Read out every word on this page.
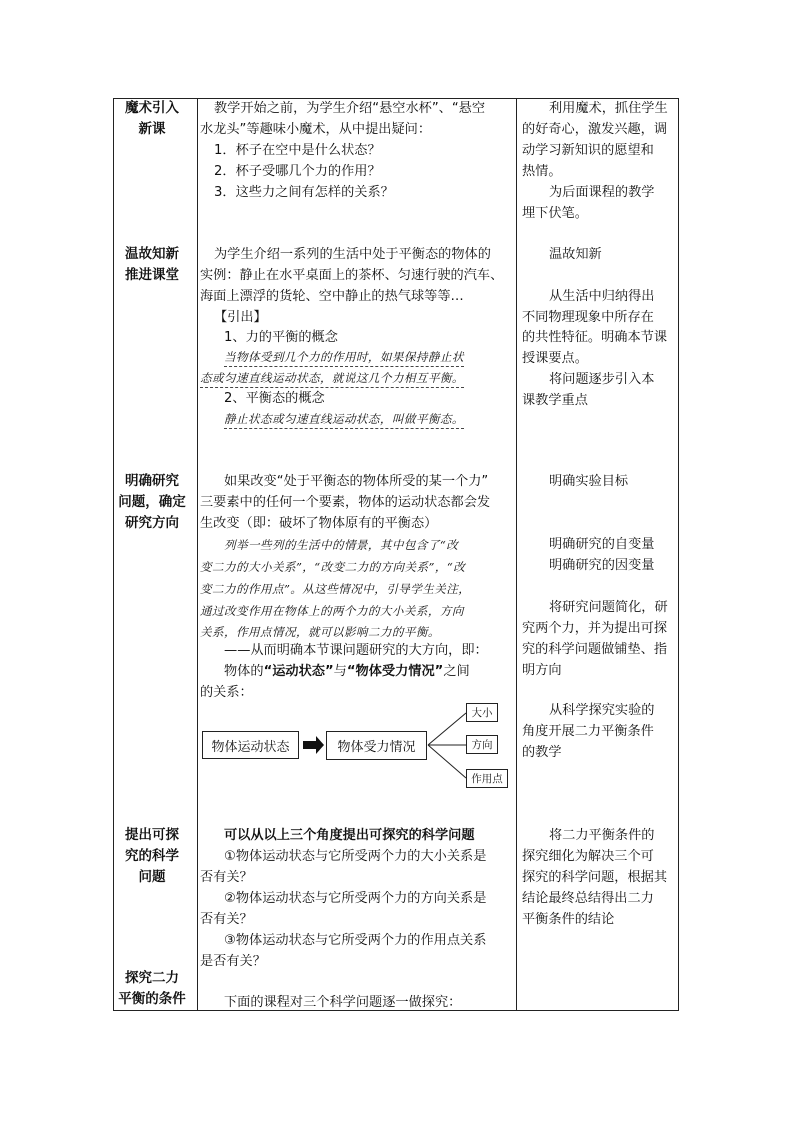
魔术引入
新课
温故知新
推进课堂
明确研究
问题，确定
研究方向
提出可探
究的科学
问题
探究二力
平衡的条件
教学开始之前，为学生介绍“悬空水杯”、“悬空
水龙头”等趣味小魔术，从中提出疑问：
1．杯子在空中是什么状态？
2．杯子受哪几个力的作用？
3．这些力之间有怎样的关系？
为学生介绍一系列的生活中处于平衡态的物体的
实例：静止在水平桌面上的茶杯、匀速行驶的汽车、
海面上漂浮的货轮、空中静止的热气球等等…
【引出】
1、力的平衡的概念
当物体受到几个力的作用时，如果保持静止状
态或匀速直线运动状态，就说这几个力相互平衡。
2、平衡态的概念
静止状态或匀速直线运动状态，叫做平衡态。
如果改变“处于平衡态的物体所受的某一个力”
三要素中的任何一个要素，物体的运动状态都会发
生改变（即：破坏了物体原有的平衡态）
列举一些列的生活中的情景，其中包含了“改
变二力的大小关系”，“改变二力的方向关系”，“改
变二力的作用点”。从这些情况中，引导学生关注，
通过改变作用在物体上的两个力的大小关系，方向
关系，作用点情况，就可以影响二力的平衡。
——从而明确本节课问题研究的大方向，即：
物体的“运动状态”与“物体受力情况”之间
的关系：
物体运动状态	物体受力情况
大小
方向
作用点
可以从以上三个角度提出可探究的科学问题
①物体运动状态与它所受两个力的大小关系是
否有关？
②物体运动状态与它所受两个力的方向关系是
否有关？
③物体运动状态与它所受两个力的作用点关系
是否有关？
下面的课程对三个科学问题逐一做探究：
利用魔术，抓住学生
的好奇心，激发兴趣，调
动学习新知识的愿望和
热情。
为后面课程的教学
埋下伏笔。
温故知新
从生活中归纳得出
不同物理现象中所存在
的共性特征。明确本节课
授课要点。
将问题逐步引入本
课教学重点
明确实验目标
明确研究的自变量
明确研究的因变量
将研究问题简化，研
究两个力，并为提出可探
究的科学问题做铺垫、指
明方向
从科学探究实验的
角度开展二力平衡条件
的教学
将二力平衡条件的
探究细化为解决三个可
探究的科学问题，根据其
结论最终总结得出二力
平衡条件的结论
